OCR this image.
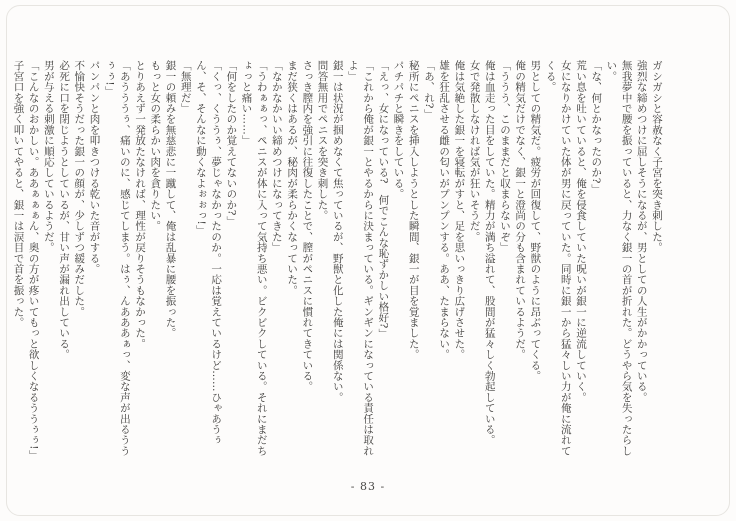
ガシガシと容赦なく子宮を突き刺した。

強烈な締めつけに屈しそうになるが、男としての人生がかかっている。

無我夢中で腰を振っていると、力なく銀一の首が折れた。どうやら気を失ったらしい。

「な、何とかなったのか?」

荒い息を吐いていると、俺を侵食していた呪いが銀一に逆流していく。

女になりかけていた体が男に戻っていた。同時に銀一から猛々しい力が俺に流れてくる。

男としての精気だ。疲労が回復して、野獣のように昂ぶってくる。

俺の精気だけでなく、銀一と澄尚の分も含まれているようだ。

「ううう、このままだと収まらないぞ」

俺は血走った目をしていた。精力が満ち溢れて、股間が猛々しく勃起している。

女で発散しなければ気が狂いそうだ。

俺は気絶した銀一を寝転がすと、足を思いっきり広げさせた。

雄を狂乱させる雌の匂いがプンプンする。ああ、たまらない。

「あ、れ?」

秘所にペニスを挿入しようとした瞬間、銀一が目を覚ました。

パチパチと瞬きをしている。

「えっ、女になっている?　何でこんな恥ずかしい格好?」

「これから俺が銀一とやるからに決まっている。ギンギンになっている責任は取れよ」

銀一は状況が掴めなくて焦っているが、野獣と化した俺には関係ない。

問答無用でペニスを突き刺した。

さっき膣内を強引に往復したことで、膣がペニスに慣れてきている。

まだ狭くはあるが、秘肉が柔らかくなっていた。

「なかなかいい締めつけになってきた」

「うわぁぁっ、ペニスが体に入って気持ち悪い。ビクビクしている。それにまだちょっと痛い……」

「何をしたのか覚えてないのか?」

「くっ、くううぅ、夢じゃなかったのか。一応は覚えているけど……ひゃあうぅん、そ、そんなに動くなよぉぉっ!」

「無理だ」

銀一の頼みを無慈悲に一蹴して、俺は乱暴に腰を振った。

もっと女の柔らかい肉を貪りたい。

とりあえず一発放たなければ、理性が戻りそうもなかった。

「あうううぅ、痛いのに、感じてしまう。はぅ、んあああぁっ、変な声が出るううぅぅ!」

パンパンと肉を叩きつける乾いた音がする。

不愉快そうだった銀一の顔が、少しずつ緩みだした。

必死に口を閉じようとしているが、甘い声が漏れ出している。

男が与える刺激に順応しているようだ。

「こんなのおかしい。ああぁぁぁん、奥の方が疼いてもっと欲しくなるううぅぅ!」

子宮口を強く叩いてやると、銀一は涙目で首を振った。

- 83 -
